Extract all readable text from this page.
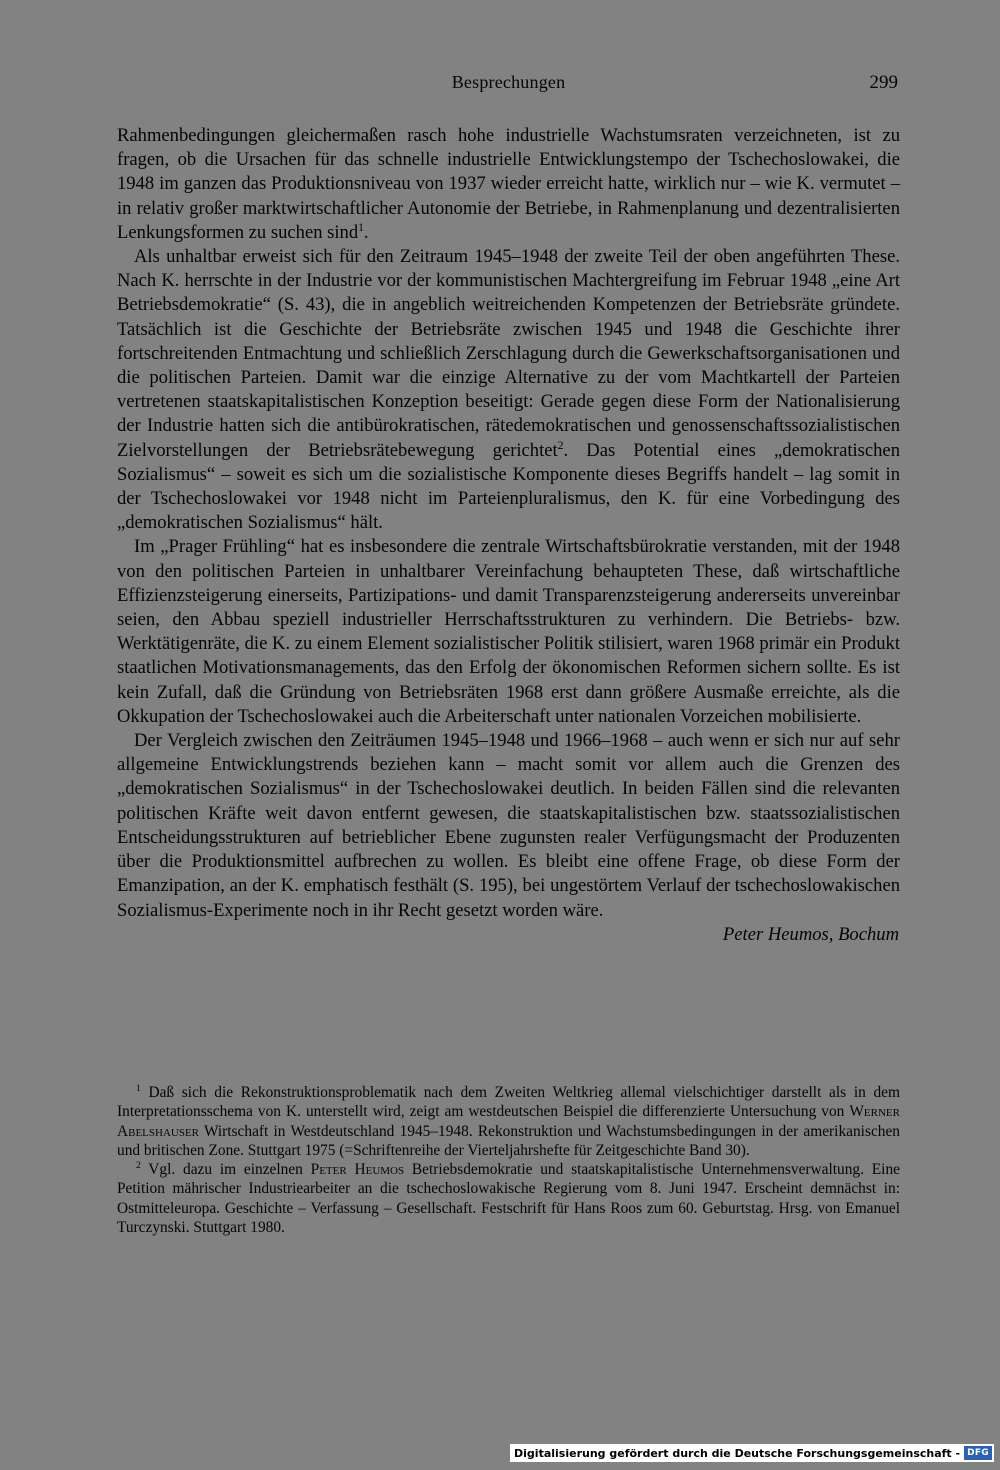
Besprechungen	299

Rahmenbedingungen gleichermaßen rasch hohe industrielle Wachstumsraten verzeichneten, ist zu fragen, ob die Ursachen für das schnelle industrielle Entwicklungstempo der Tschechoslowakei, die 1948 im ganzen das Produktionsniveau von 1937 wieder erreicht hatte, wirklich nur – wie K. vermutet – in relativ großer marktwirtschaftlicher Autonomie der Betriebe, in Rahmenplanung und dezentralisierten Lenkungsformen zu suchen sind$^1$.

Als unhaltbar erweist sich für den Zeitraum 1945–1948 der zweite Teil der oben angeführten These. Nach K. herrschte in der Industrie vor der kommunistischen Machtergreifung im Februar 1948 „eine Art Betriebsdemokratie“ (S. 43), die in angeblich weitreichenden Kompetenzen der Betriebsräte gründete. Tatsächlich ist die Geschichte der Betriebsräte zwischen 1945 und 1948 die Geschichte ihrer fortschreitenden Entmachtung und schließlich Zerschlagung durch die Gewerkschaftsorganisationen und die politischen Parteien. Damit war die einzige Alternative zu der vom Machtkartell der Parteien vertretenen staatskapitalistischen Konzeption beseitigt: Gerade gegen diese Form der Nationalisierung der Industrie hatten sich die antibürokratischen, rätedemokratischen und genossenschaftssozialistischen Zielvorstellungen der Betriebsrätebewegung gerichtet$^2$. Das Potential eines „demokratischen Sozialismus“ – soweit es sich um die sozialistische Komponente dieses Begriffs handelt – lag somit in der Tschechoslowakei vor 1948 nicht im Parteienpluralismus, den K. für eine Vorbedingung des „demokratischen Sozialismus“ hält.

Im „Prager Frühling“ hat es insbesondere die zentrale Wirtschaftsbürokratie verstanden, mit der 1948 von den politischen Parteien in unhaltbarer Vereinfachung behaupteten These, daß wirtschaftliche Effizienzsteigerung einerseits, Partizipations- und damit Transparenzsteigerung andererseits unvereinbar seien, den Abbau speziell industrieller Herrschaftsstrukturen zu verhindern. Die Betriebs- bzw. Werktätigenräte, die K. zu einem Element sozialistischer Politik stilisiert, waren 1968 primär ein Produkt staatlichen Motivationsmanagements, das den Erfolg der ökonomischen Reformen sichern sollte. Es ist kein Zufall, daß die Gründung von Betriebsräten 1968 erst dann größere Ausmaße erreichte, als die Okkupation der Tschechoslowakei auch die Arbeiterschaft unter nationalen Vorzeichen mobilisierte.

Der Vergleich zwischen den Zeiträumen 1945–1948 und 1966–1968 – auch wenn er sich nur auf sehr allgemeine Entwicklungstrends beziehen kann – macht somit vor allem auch die Grenzen des „demokratischen Sozialismus“ in der Tschechoslowakei deutlich. In beiden Fällen sind die relevanten politischen Kräfte weit davon entfernt gewesen, die staatskapitalistischen bzw. staatssozialistischen Entscheidungsstrukturen auf betrieblicher Ebene zugunsten realer Verfügungsmacht der Produzenten über die Produktionsmittel aufbrechen zu wollen. Es bleibt eine offene Frage, ob diese Form der Emanzipation, an der K. emphatisch festhält (S. 195), bei ungestörtem Verlauf der tschechoslowakischen Sozialismus-Experimente noch in ihr Recht gesetzt worden wäre.

Peter Heumos, Bochum

$^1$ Daß sich die Rekonstruktionsproblematik nach dem Zweiten Weltkrieg allemal vielschichtiger darstellt als in dem Interpretationsschema von K. unterstellt wird, zeigt am westdeutschen Beispiel die differenzierte Untersuchung von Werner Abelshauser Wirtschaft in Westdeutschland 1945–1948. Rekonstruktion und Wachstumsbedingungen in der amerikanischen und britischen Zone. Stuttgart 1975 (=Schriftenreihe der Vierteljahrshefte für Zeitgeschichte Band 30).

$^2$ Vgl. dazu im einzelnen Peter Heumos Betriebsdemokratie und staatskapitalistische Unternehmensverwaltung. Eine Petition mährischer Industriearbeiter an die tschechoslowakische Regierung vom 8. Juni 1947. Erscheint demnächst in: Ostmitteleuropa. Geschichte – Verfassung – Gesellschaft. Festschrift für Hans Roos zum 60. Geburtstag. Hrsg. von Emanuel Turczynski. Stuttgart 1980.

Digitalisierung gefördert durch die Deutsche Forschungsgemeinschaft - DFG
